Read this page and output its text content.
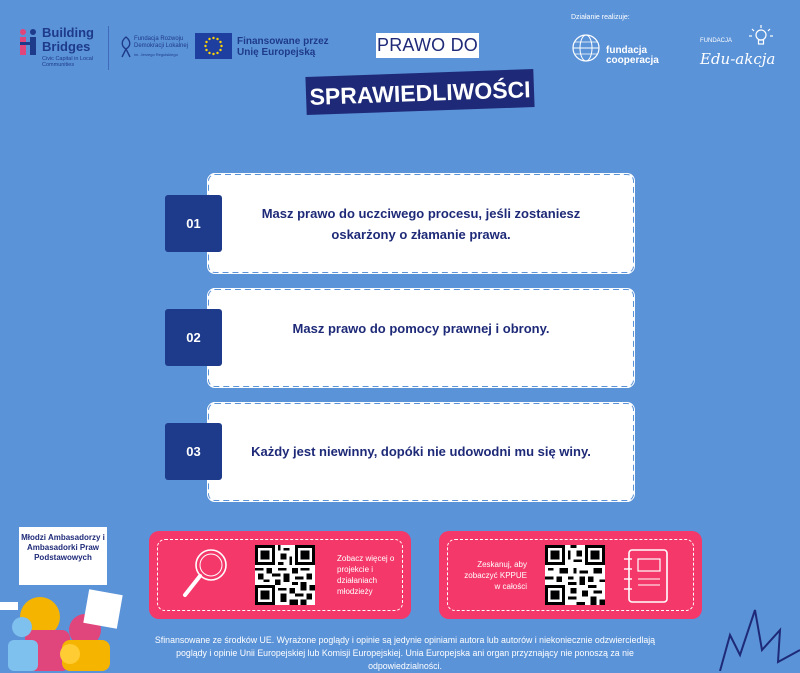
Building
Bridges
Civic Capital in Local Communities
Fundacja Rozwoju Demokracji Lokalnej
im. Jerzego Regulskiego
Finansowane przez
Unię Europejską	PRAWO DO
SPRAWIEDLIWOŚCI
Działanie realizuje:
fundacja
cooperacja
FUNDACJA
Edu-akcja
Masz prawo do uczciwego procesu, jeśli zostaniesz oskarżony o złamanie prawa.
01
Masz prawo do pomocy prawnej i obrony.
02
Każdy jest niewinny, dopóki nie udowodni mu się winy.
03
Zobacz więcej o projekcie i działaniach młodzieży
Zeskanuj, aby zobaczyć KPPUE w całości
Młodzi Ambasadorzy i Ambasadorki Praw Podstawowych
Sfinansowane ze środków UE. Wyrażone poglądy i opinie są jedynie opiniami autora lub autorów i niekoniecznie odzwierciedlają poglądy i opinie Unii Europejskiej lub Komisji Europejskiej. Unia Europejska ani organ przyznający nie ponoszą za nie odpowiedzialności.
